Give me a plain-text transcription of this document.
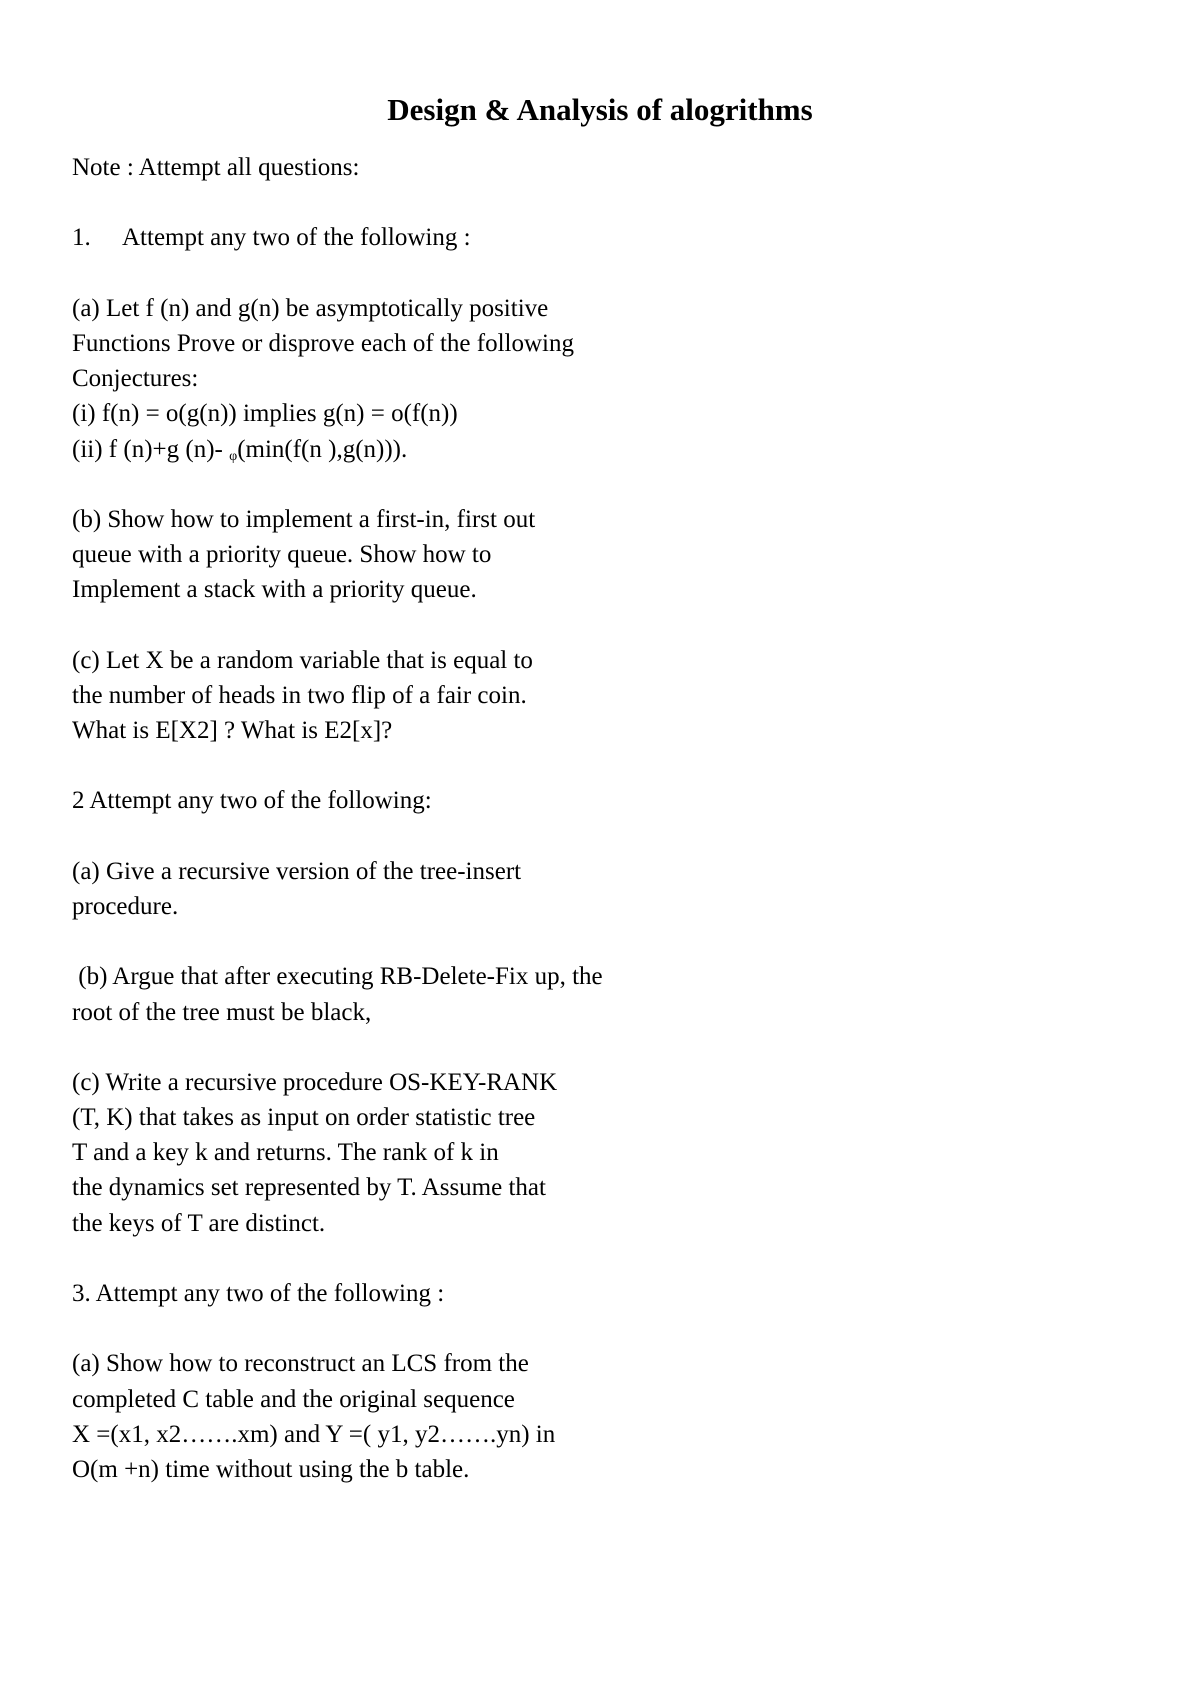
Design & Analysis of alogrithms
Note : Attempt all questions:
1. Attempt any two of the following :
(a) Let f (n) and g(n) be asymptotically positive
Functions Prove or disprove each of the following
Conjectures:
(i) f(n) = o(g(n)) implies g(n) = o(f(n))
(ii) f (n)+g (n)- φ(min(f(n ),g(n))).
(b) Show how to implement a first-in, first out
queue with a priority queue. Show how to
Implement a stack with a priority queue.
(c) Let X be a random variable that is equal to
the number of heads in two flip of a fair coin.
What is E[X2] ? What is E2[x]?
2 Attempt any two of the following:
(a) Give a recursive version of the tree-insert
procedure.
(b) Argue that after executing RB-Delete-Fix up, the
root of the tree must be black,
(c) Write a recursive procedure OS-KEY-RANK
(T, K) that takes as input on order statistic tree
T and a key k and returns. The rank of k in
the dynamics set represented by T. Assume that
the keys of T are distinct.
3. Attempt any two of the following :
(a) Show how to reconstruct an LCS from the
completed C table and the original sequence
X =(x1, x2…….xm) and Y =( y1, y2…….yn) in
O(m +n) time without using the b table.
